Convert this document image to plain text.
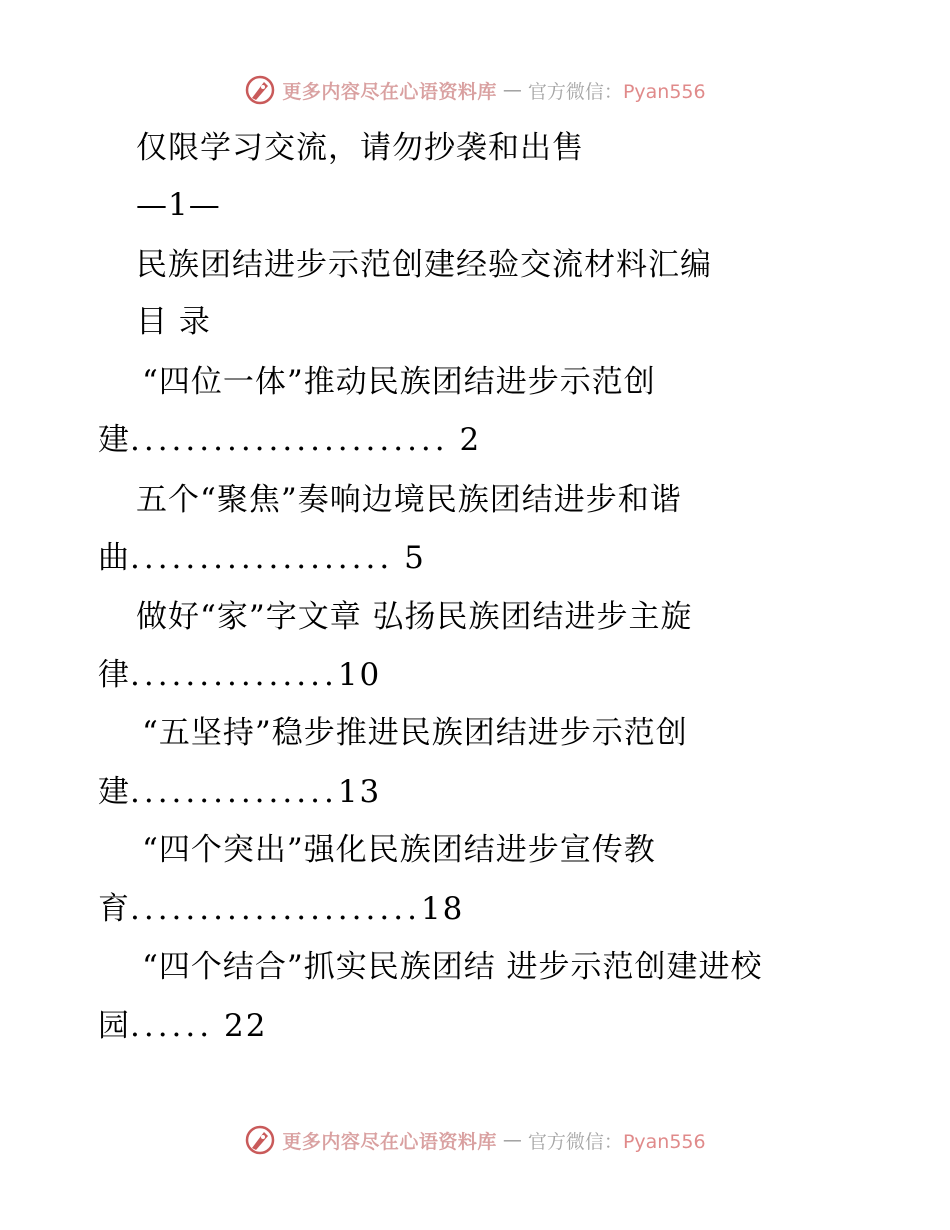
更多内容尽在心语资料库 — 官方微信：Pyan556
仅限学习交流，请勿抄袭和出售
—1—
民族团结进步示范创建经验交流材料汇编
目 录
“四位一体”推动民族团结进步示范创
建....................... 2
五个“聚焦”奏响边境民族团结进步和谐
曲................... 5
做好“家”字文章 弘扬民族团结进步主旋
律...............10
“五坚持”稳步推进民族团结进步示范创
建...............13
“四个突出”强化民族团结进步宣传教
育.....................18
“四个结合”抓实民族团结 进步示范创建进校
园...... 22
更多内容尽在心语资料库 — 官方微信：Pyan556
